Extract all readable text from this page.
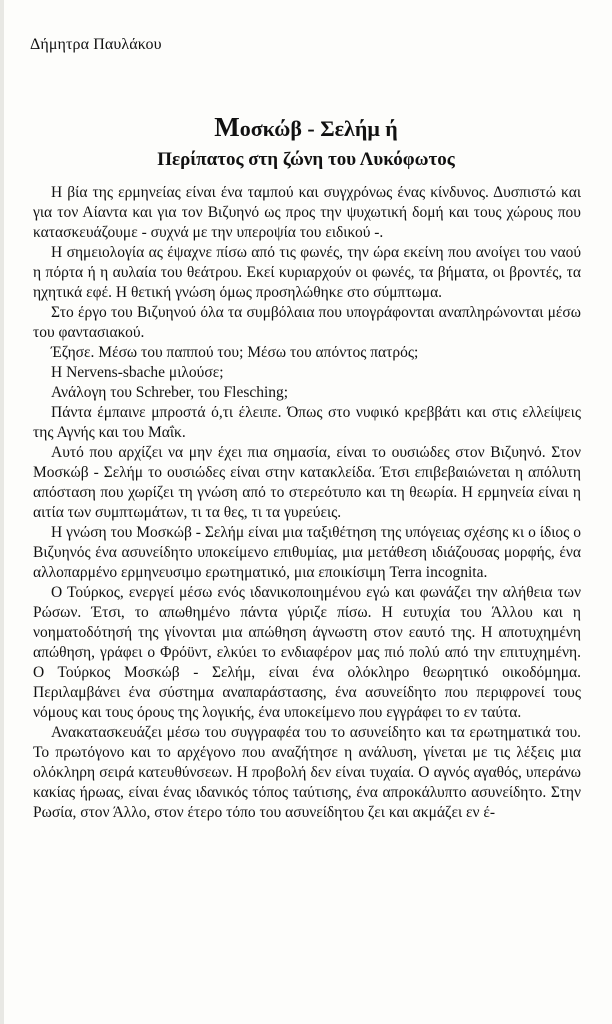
Δήμητρα Παυλάκου

Μοσκώβ - Σελήμ ή
Περίπατος στη ζώνη του Λυκόφωτος

Η βία της ερμηνείας είναι ένα ταμπού και συγχρόνως ένας κίνδυνος. Δυσπιστώ και για τον Αίαντα και για τον Βιζυηνό ως προς την ψυχωτική δομή και τους χώρους που κατασκευάζουμε - συχνά με την υπεροψία του ειδικού -.

Η σημειολογία ας έψαχνε πίσω από τις φωνές, την ώρα εκείνη που ανοίγει του ναού η πόρτα ή η αυλαία του θεάτρου. Εκεί κυριαρχούν οι φωνές, τα βήματα, οι βροντές, τα ηχητικά εφέ. Η θετική γνώση όμως προσηλώθηκε στο σύμπτωμα.

Στο έργο του Βιζυηνού όλα τα συμβόλαια που υπογράφονται αναπληρώνονται μέσω του φαντασιακού.

Έζησε. Μέσω του παππού του; Μέσω του απόντος πατρός;

Η Nervens-sbache μιλούσε;

Ανάλογη του Schreber, του Flesching;

Πάντα έμπαινε μπροστά ό,τι έλειπε. Όπως στο νυφικό κρεββάτι και στις ελλείψεις της Αγνής και του Μαΐκ.

Αυτό που αρχίζει να μην έχει πια σημασία, είναι το ουσιώδες στον Βιζυηνό. Στον Μοσκώβ - Σελήμ το ουσιώδες είναι στην κατακλείδα. Έτσι επιβεβαιώνεται η απόλυτη απόσταση που χωρίζει τη γνώση από το στερεότυπο και τη θεωρία. Η ερμηνεία είναι η αιτία των συμπτωμάτων, τι τα θες, τι τα γυρεύεις.

Η γνώση του Μοσκώβ - Σελήμ είναι μια ταξιθέτηση της υπόγειας σχέσης κι ο ίδιος ο Βιζυηνός ένα ασυνείδητο υποκείμενο επιθυμίας, μια μετάθεση ιδιάζουσας μορφής, ένα αλλοπαρμένο ερμηνευσιμο ερωτηματικό, μια εποικίσιμη Terra incognita.

Ο Τούρκος, ενεργεί μέσω ενός ιδανικοποιημένου εγώ και φωνάζει την αλήθεια των Ρώσων. Έτσι, το απωθημένο πάντα γύριζε πίσω. Η ευτυχία του Άλλου και η νοηματοδότησή της γίνονται μια απώθηση άγνωστη στον εαυτό της. Η αποτυχημένη απώθηση, γράφει ο Φρόϋντ, ελκύει το ενδιαφέρον μας πιό πολύ από την επιτυχημένη. Ο Τούρκος Μοσκώβ - Σελήμ, είναι ένα ολόκληρο θεωρητικό οικοδόμημα. Περιλαμβάνει ένα σύστημα αναπαράστασης, ένα ασυνείδητο που περιφρονεί τους νόμους και τους όρους της λογικής, ένα υποκείμενο που εγγράφει το εν ταύτα.

Ανακατασκευάζει μέσω του συγγραφέα του το ασυνείδητο και τα ερωτηματικά του. Το πρωτόγονο και το αρχέγονο που αναζήτησε η ανάλυση, γίνεται με τις λέξεις μια ολόκληρη σειρά κατευθύνσεων. Η προβολή δεν είναι τυχαία. Ο αγνός αγαθός, υπεράνω κακίας ήρωας, είναι ένας ιδανικός τόπος ταύτισης, ένα απροκάλυπτο ασυνείδητο. Στην Ρωσία, στον Άλλο, στον έτερο τόπο του ασυνείδητου ζει και ακμάζει εν έ-
